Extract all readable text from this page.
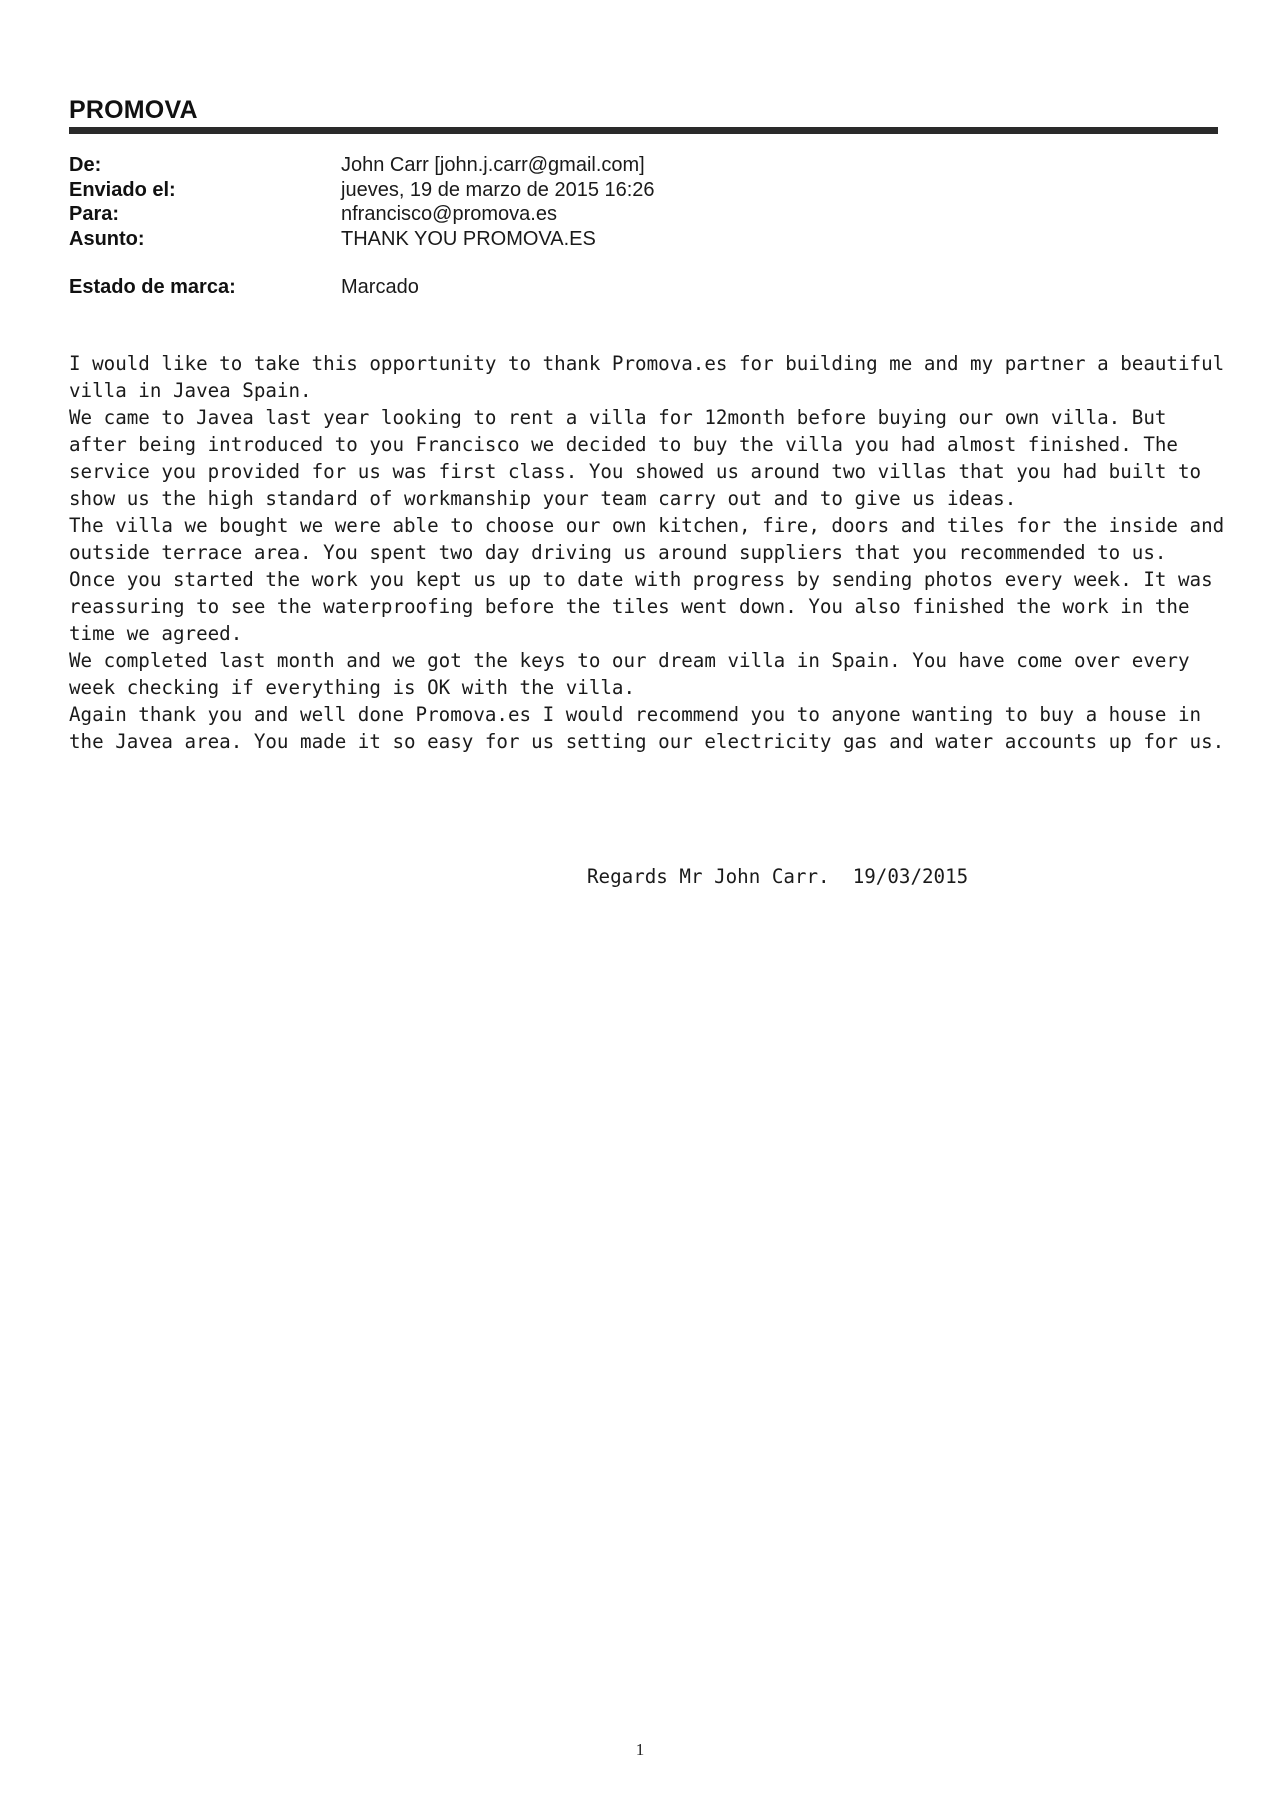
PROMOVA
De:	John Carr [john.j.carr@gmail.com]
Enviado el:	jueves, 19 de marzo de 2015 16:26
Para:	nfrancisco@promova.es
Asunto:	THANK YOU PROMOVA.ES
Estado de marca:	Marcado

I would like to take this opportunity to thank Promova.es for building me and my partner a beautiful villa in Javea Spain.

We came to Javea last year looking to rent a villa for 12month before buying our own villa. But after being introduced to you Francisco we decided to buy the villa you had almost finished. The service you provided for us was first class. You showed us around two villas that you had built to show us the high standard of workmanship your team carry out and to give us ideas.

The villa we bought we were able to choose our own kitchen, fire, doors and tiles for the inside and outside terrace area. You spent two day driving us around suppliers that you recommended to us.

Once you started the work you kept us up to date with progress by sending photos every week. It was reassuring to see the waterproofing before the tiles went down. You also finished the work in the time we agreed.

We completed last month and we got the keys to our dream villa in Spain. You have come over every week checking if everything is OK with the villa.

Again thank you and well done Promova.es I would recommend you to anyone wanting to buy a house in the Javea area. You made it so easy for us setting our electricity gas and water accounts up for us.

Regards Mr John Carr.  19/03/2015
1
